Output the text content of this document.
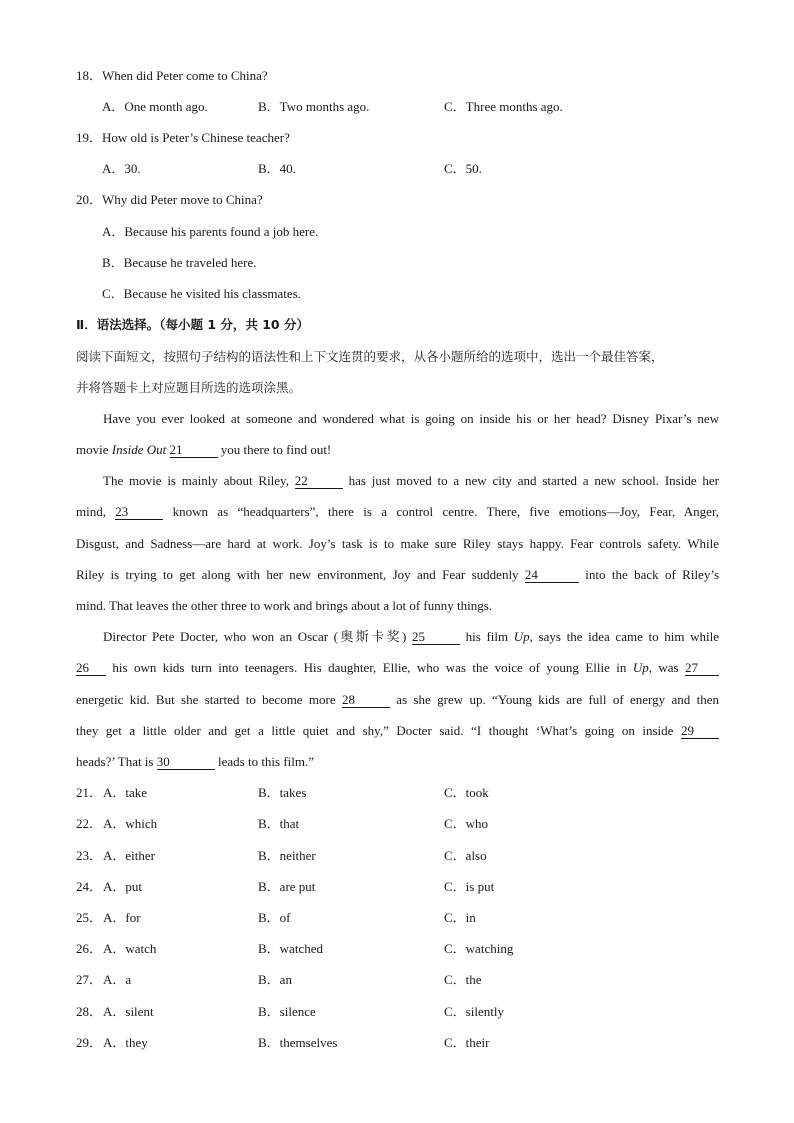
18．When did Peter come to China?
A．One month ago.	B．Two months ago.	C．Three months ago.
19．How old is Peter’s Chinese teacher?
A．30.	B．40.	C．50.
20．Why did Peter move to China?
A．Because his parents found a job here.
B．Because he traveled here.
C．Because he visited his classmates.
Ⅱ．语法选择。（每小题 1 分，共 10 分）
阅读下面短文，按照句子结构的语法性和上下文连贯的要求，从各小题所给的选项中，选出一个最佳答案，
并将答题卡上对应题目所选的选项涂黑。
Have you ever looked at someone and wondered what is going on inside his or her head? Disney Pixar’s new
movie Inside Out 21	you there to find out!
The movie is mainly about Riley, 22	has just moved to a new city and started a new school. Inside her
mind, 23	known as “headquarters”, there is a control centre. There, five emotions—Joy, Fear, Anger,
Disgust, and Sadness—are hard at work. Joy’s task is to make sure Riley stays happy. Fear controls safety. While
Riley is trying to get along with her new environment, Joy and Fear suddenly 24	into the back of Riley’s
mind. That leaves the other three to work and brings about a lot of funny things.
Director Pete Docter, who won an Oscar (奥斯卡奖) 25	his film Up, says the idea came to him while
26 his own kids turn into teenagers. His daughter, Ellie, who was the voice of young Ellie in Up, was 27
energetic kid. But she started to become more 28	as she grew up. “Young kids are full of energy and then
they get a little older and get a little quiet and shy,” Docter said. “I thought ‘What’s going on inside 29
heads?’ That is 30	leads to this film.”
21． A．take	B．takes	C．took
22． A．which	B．that	C．who
23． A．either	B．neither	C．also
24． A．put	B．are put	C．is put
25． A．for	B．of	C．in
26． A．watch	B．watched	C．watching
27． A．a	B．an	C．the
28． A．silent	B．silence	C．silently
29． A．they	B．themselves	C．their
